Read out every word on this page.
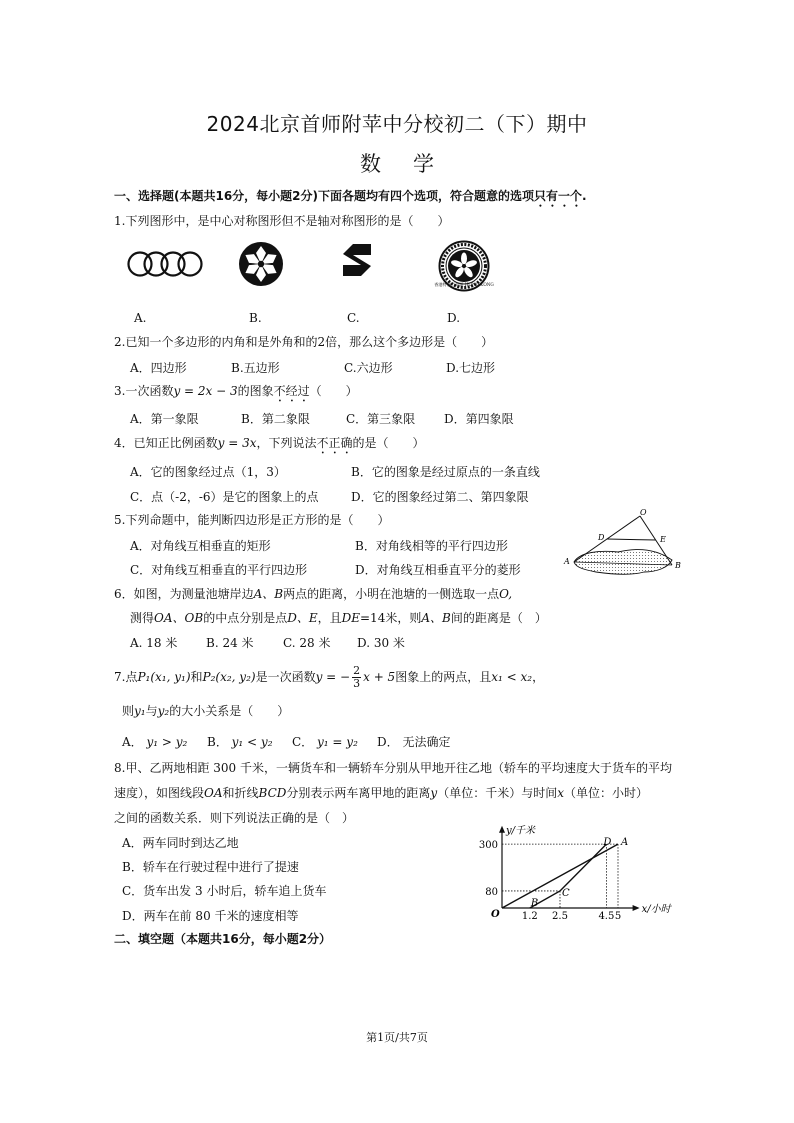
2024北京首师附苹中分校初二（下）期中
数学
一、选择题(本题共16分，每小题2分)下面各题均有四个选项，符合题意的选项只有一个.
1.下列图形中，是中心对称图形但不是轴对称图形的是（　　）
香港特別行政區 HONG KONG
A.	B.	C.	D.
2.已知一个多边形的内角和是外角和的2倍，那么这个多边形是（　　）
A．四边形	B.五边形	C.六边形	D.七边形
3.一次函数y = 2x − 3的图象不经过（　　）
A．第一象限	B．第二象限	C．第三象限 D．第四象限
4．已知正比例函数y = 3x，下列说法不正确的是（　　）
A．它的图象经过点（1，3）	B．它的图象是经过原点的一条直线
C．点（-2，-6）是它的图象上的点	D．它的图象经过第二、第四象限
5.下列命题中，能判断四边形是正方形的是（　　）
A．对角线互相垂直的矩形	B．对角线相等的平行四边形
C．对角线互相垂直的平行四边形	D．对角线互相垂直平分的菱形
O
D	E
A	B
6．如图，为测量池塘岸边A、B两点的距离，小明在池塘的一侧选取一点O,
测得OA、OB的中点分别是点D、E，且DE=14米，则A、B间的距离是（　）
A. 18 米 B. 24 米 C. 28 米 D. 30 米
7.点P₁(x₁, y₁)和P₂(x₂, y₂)是一次函数y = − $\frac{2}{3}$ x + 5图象上的两点，且x₁ < x₂，
则y₁与y₂的大小关系是（　　）
A． y₁ > y₂ B． y₁ < y₂ C． y₁ = y₂ D． 无法确定
8.甲、乙两地相距 300 千米，一辆货车和一辆轿车分别从甲地开往乙地（轿车的平均速度大于货车的平均
速度），如图线段OA和折线BCD分别表示两车离甲地的距离y（单位：千米）与时间x（单位：小时）
之间的函数关系．则下列说法正确的是（　）
A．两车同时到达乙地
B．轿车在行驶过程中进行了提速
C．货车出发 3 小时后，轿车追上货车
D．两车在前 80 千米的速度相等
y/千米
x/小时
O
80
300
1.2 2.5	4.5 5
A
D
C
B
二、填空题（本题共16分，每小题2分）
第1页/共7页
